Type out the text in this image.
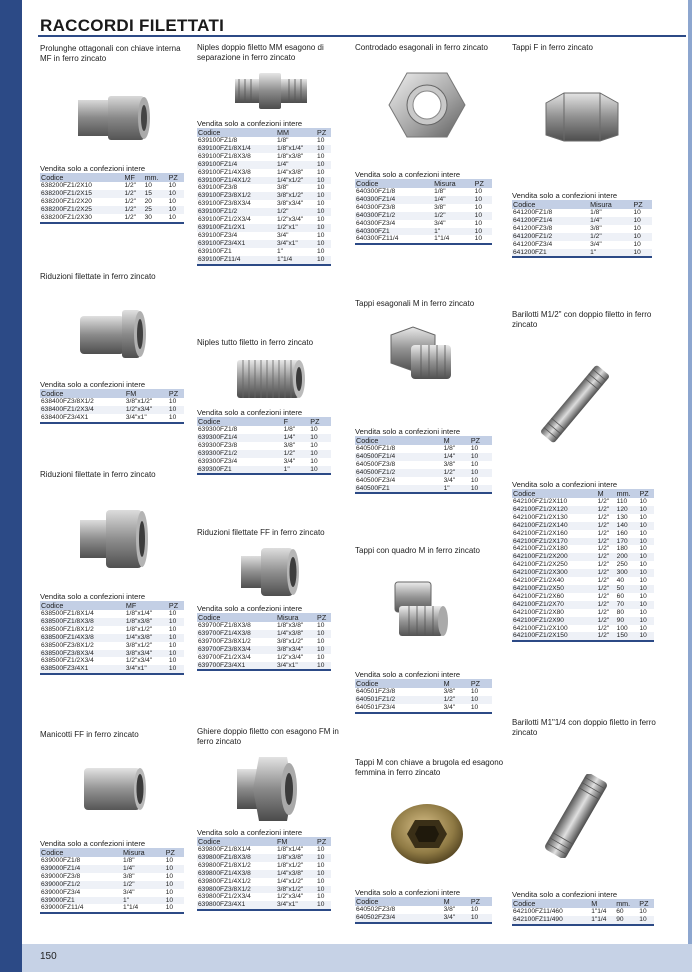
RACCORDI FILETTATI
Prolunghe ottagonali con chiave interna MF in ferro zincato
Vendita solo a confezioni intere
Codice	MF	mm.	PZ
638200FZ1/2X10	1/2"	10	10
638200FZ1/2X15	1/2"	15	10
638200FZ1/2X20	1/2"	20	10
638200FZ1/2X25	1/2"	25	10
638200FZ1/2X30	1/2"	30	10
Riduzioni filettate in ferro zincato
Vendita solo a confezioni intere
Codice	FM	PZ
638400FZ3/8X1/2	3/8"x1/2"	10
638400FZ1/2X3/4	1/2"x3/4"	10
638400FZ3/4X1	3/4"x1"	10
Riduzioni filettate in ferro zincato
Vendita solo a confezioni intere
Codice	MF	PZ
638500FZ1/8X1/4	1/8"x1/4"	10
638500FZ1/8X3/8	1/8"x3/8"	10
638500FZ1/8X1/2	1/8"x1/2"	10
638500FZ1/4X3/8	1/4"x3/8"	10
638500FZ3/8X1/2	3/8"x1/2"	10
638500FZ3/8X3/4	3/8"x3/4"	10
638500FZ1/2X3/4	1/2"x3/4"	10
638500FZ3/4X1	3/4"x1"	10
Manicotti FF in ferro zincato
Vendita solo a confezioni intere
Codice	Misura	PZ
639000FZ1/8	1/8"	10
639000FZ1/4	1/4"	10
639000FZ3/8	3/8"	10
639000FZ1/2	1/2"	10
639000FZ3/4	3/4"	10
639000FZ1	1"	10
639000FZ11/4	1"1/4	10
Niples doppio filetto MM esagono di separazione in ferro zincato
Vendita solo a confezioni intere
Codice	MM	PZ
639100FZ1/8	1/8"	10
639100FZ1/8X1/4	1/8"x1/4"	10
639100FZ1/8X3/8	1/8"x3/8"	10
639100FZ1/4	1/4"	10
639100FZ1/4X3/8	1/4"x3/8"	10
639100FZ1/4X1/2	1/4"x1/2"	10
639100FZ3/8	3/8"	10
639100FZ3/8X1/2	3/8"x1/2"	10
639100FZ3/8X3/4	3/8"x3/4"	10
639100FZ1/2	1/2"	10
639100FZ1/2X3/4	1/2"x3/4"	10
639100FZ1/2X1	1/2"x1"	10
639100FZ3/4	3/4"	10
639100FZ3/4X1	3/4"x1"	10
639100FZ1	1"	10
639100FZ11/4	1"1/4	10
Niples tutto filetto in ferro zincato
Vendita solo a confezioni intere
Codice	F	PZ
639300FZ1/8	1/8"	10
639300FZ1/4	1/4"	10
639300FZ3/8	3/8"	10
639300FZ1/2	1/2"	10
639300FZ3/4	3/4"	10
639300FZ1	1"	10
Riduzioni filettate FF in ferro zincato
Vendita solo a confezioni intere
Codice	Misura	PZ
639700FZ1/8X3/8	1/8"x3/8"	10
639700FZ1/4X3/8	1/4"x3/8"	10
639700FZ3/8X1/2	3/8"x1/2"	10
639700FZ3/8X3/4	3/8"x3/4"	10
639700FZ1/2X3/4	1/2"x3/4"	10
639700FZ3/4X1	3/4"x1"	10
Ghiere doppio filetto con esagono FM in ferro zincato
Vendita solo a confezioni intere
Codice	FM	PZ
639800FZ1/8X1/4	1/8"x1/4"	10
639800FZ1/8X3/8	1/8"x3/8"	10
639800FZ1/8X1/2	1/8"x1/2"	10
639800FZ1/4X3/8	1/4"x3/8"	10
639800FZ1/4X1/2	1/4"x1/2"	10
639800FZ3/8X1/2	3/8"x1/2"	10
639800FZ1/2X3/4	1/2"x3/4"	10
639800FZ3/4X1	3/4"x1"	10
Controdado esagonali in ferro zincato
Vendita solo a confezioni intere
Codice	Misura	PZ
640300FZ1/8	1/8"	10
640300FZ1/4	1/4"	10
640300FZ3/8	3/8"	10
640300FZ1/2	1/2"	10
640300FZ3/4	3/4"	10
640300FZ1	1"	10
640300FZ11/4	1"1/4	10
Tappi esagonali M in ferro zincato
Vendita solo a confezioni intere
Codice	M	PZ
640500FZ1/8	1/8"	10
640500FZ1/4	1/4"	10
640500FZ3/8	3/8"	10
640500FZ1/2	1/2"	10
640500FZ3/4	3/4"	10
640500FZ1	1"	10
Tappi con quadro M in ferro zincato
Vendita solo a confezioni intere
Codice	M	PZ
640501FZ3/8	3/8"	10
640501FZ1/2	1/2"	10
640501FZ3/4	3/4"	10
Tappi M con chiave a brugola ed esagono femmina in ferro zincato
Vendita solo a confezioni intere
Codice	M	PZ
640502FZ3/8	3/8"	10
640502FZ3/4	3/4"	10
Tappi F in ferro zincato
Vendita solo a confezioni intere
Codice	Misura	PZ
641200FZ1/8	1/8"	10
641200FZ1/4	1/4"	10
641200FZ3/8	3/8"	10
641200FZ1/2	1/2"	10
641200FZ3/4	3/4"	10
641200FZ1	1"	10
Barilotti M1/2" con doppio filetto in ferro zincato
Vendita solo a confezioni intere
Codice	M	mm.	PZ
642100FZ1/2X110	1/2"	110	10
642100FZ1/2X120	1/2"	120	10
642100FZ1/2X130	1/2"	130	10
642100FZ1/2X140	1/2"	140	10
642100FZ1/2X160	1/2"	160	10
642100FZ1/2X170	1/2"	170	10
642100FZ1/2X180	1/2"	180	10
642100FZ1/2X200	1/2"	200	10
642100FZ1/2X250	1/2"	250	10
642100FZ1/2X300	1/2"	300	10
642100FZ1/2X40	1/2"	40	10
642100FZ1/2X50	1/2"	50	10
642100FZ1/2X60	1/2"	60	10
642100FZ1/2X70	1/2"	70	10
642100FZ1/2X80	1/2"	80	10
642100FZ1/2X90	1/2"	90	10
642100FZ1/2X100	1/2"	100	10
642100FZ1/2X150	1/2"	150	10
Barilotti M1"1/4 con doppio filetto in ferro zincato
Vendita solo a confezioni intere
Codice	M	mm.	PZ
642100FZ11/460	1"1/4	60	10
642100FZ11/490	1"1/4	90	10
150
